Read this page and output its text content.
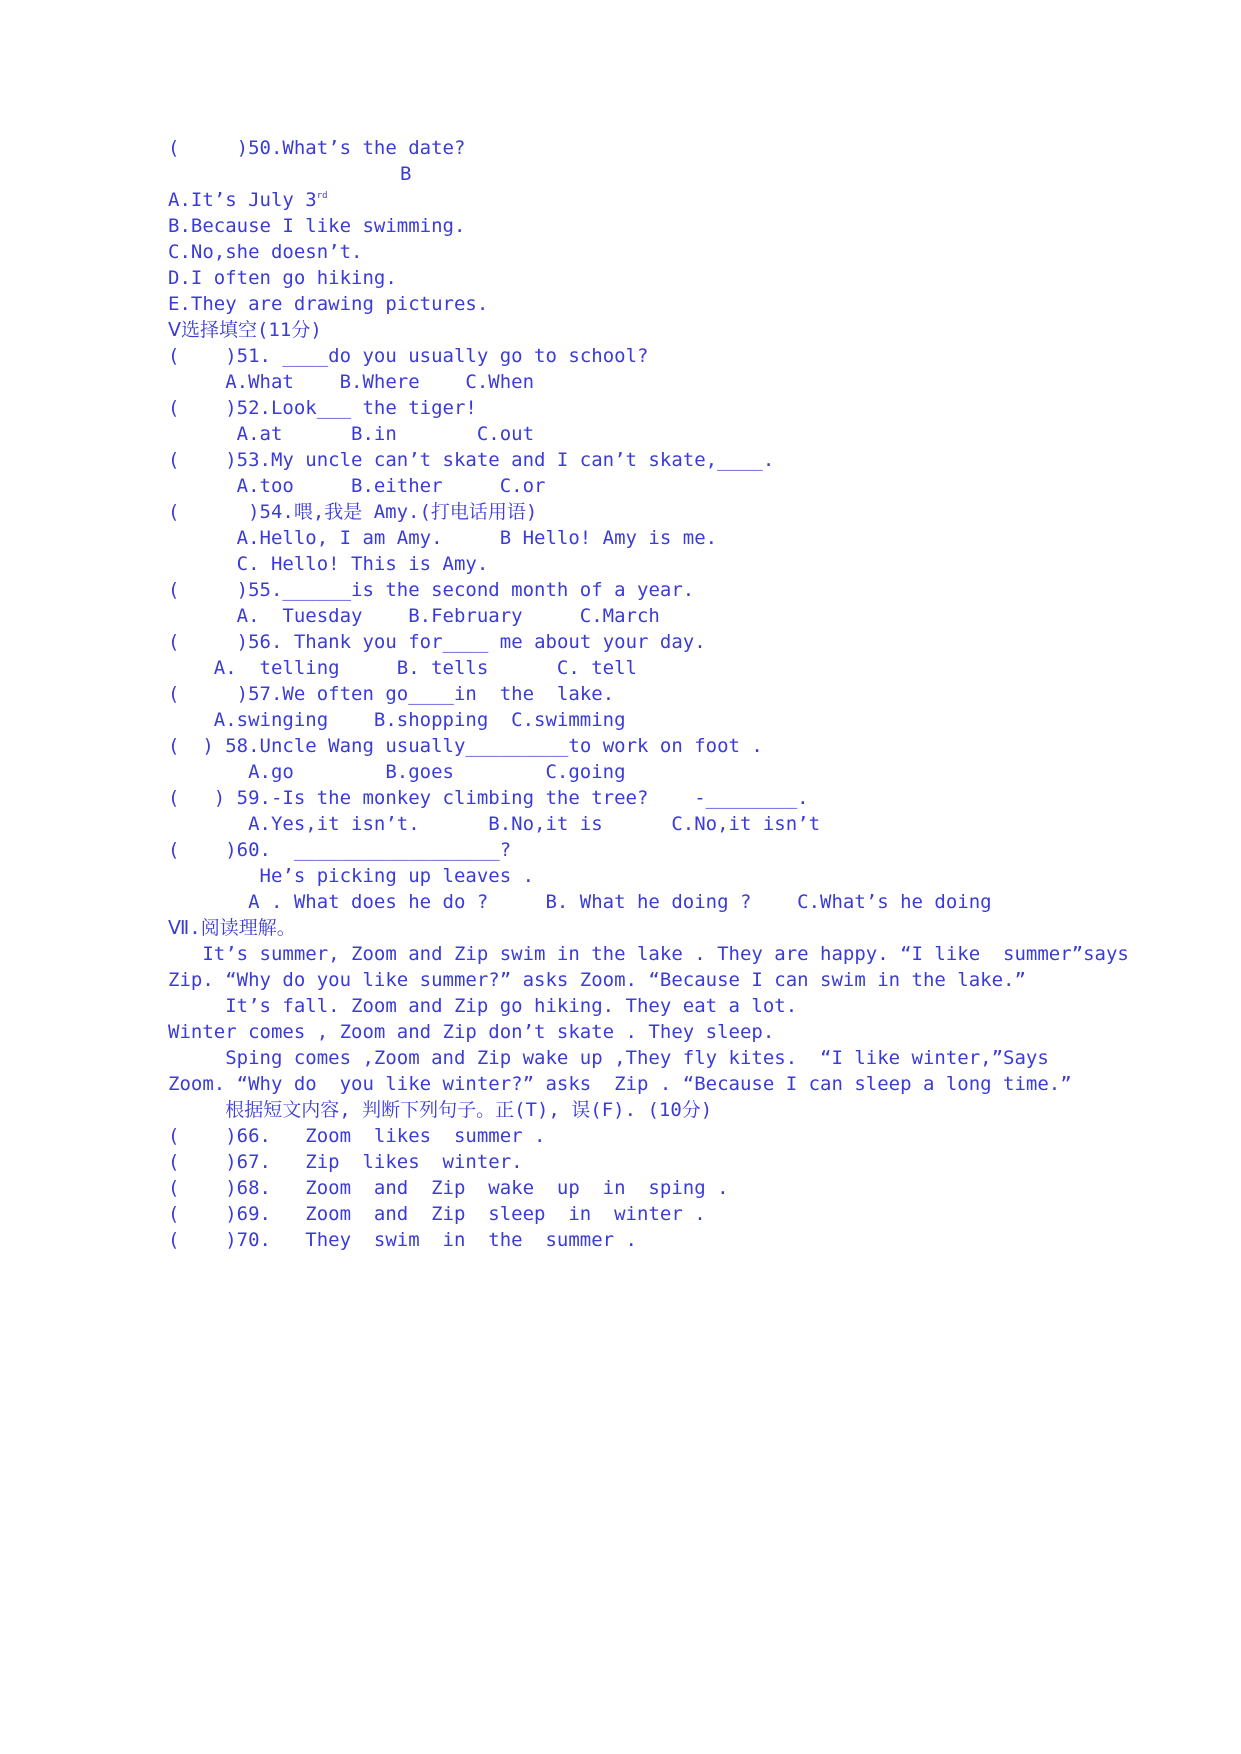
(     )50.What’s the date?
B
A.It’s July 3rd
B.Because I like swimming.
C.No,she doesn’t.
D.I often go hiking.
E.They are drawing pictures.
Ⅴ选择填空(11分)
(    )51. ____do you usually go to school?
A.What    B.Where    C.When
(    )52.Look___ the tiger!
A.at      B.in       C.out
(    )53.My uncle can’t skate and I can’t skate,____.
A.too     B.either     C.or
(      )54.喂,我是 Amy.(打电话用语)
A.Hello, I am Amy.     B Hello! Amy is me.
C. Hello! This is Amy.
(     )55.______is the second month of a year.
A.  Tuesday    B.February     C.March
(     )56. Thank you for____ me about your day.
A.  telling     B. tells      C. tell
(     )57.We often go____in  the  lake.
A.swinging    B.shopping  C.swimming
(  ) 58.Uncle Wang usually_________to work on foot .
A.go        B.goes        C.going
(   ) 59.-Is the monkey climbing the tree?    -________.
A.Yes,it isn’t.      B.No,it is      C.No,it isn’t
(    )60.  __________________?
He’s picking up leaves .
A . What does he do ?     B. What he doing ?    C.What’s he doing
Ⅶ.阅读理解。
It’s summer, Zoom and Zip swim in the lake . They are happy. “I like  summer”says
Zip. “Why do you like summer?” asks Zoom. “Because I can swim in the lake.”
It’s fall. Zoom and Zip go hiking. They eat a lot.
Winter comes , Zoom and Zip don’t skate . They sleep.
Sping comes ,Zoom and Zip wake up ,They fly kites.  “I like winter,”Says
Zoom. “Why do  you like winter?” asks  Zip . “Because I can sleep a long time.”
根据短文内容, 判断下列句子。正(T), 误(F). (10分)
(    )66.   Zoom  likes  summer .
(    )67.   Zip  likes  winter.
(    )68.   Zoom  and  Zip  wake  up  in  sping .
(    )69.   Zoom  and  Zip  sleep  in  winter .
(    )70.   They  swim  in  the  summer .
